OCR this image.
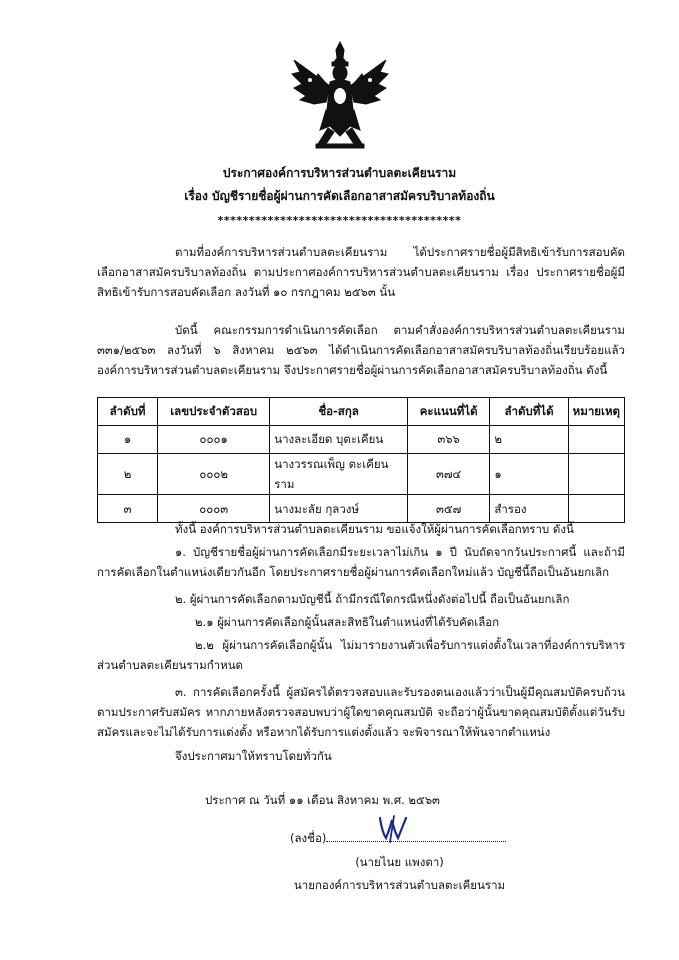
ประกาศองค์การบริหารส่วนตำบลตะเคียนราม
เรื่อง บัญชีรายชื่อผู้ผ่านการคัดเลือกอาสาสมัครบริบาลท้องถิ่น
***************************************
ตามที่องค์การบริหารส่วนตำบลตะเคียนราม ได้ประกาศรายชื่อผู้มีสิทธิเข้ารับการสอบคัดเลือกอาสาสมัครบริบาลท้องถิ่น ตามประกาศองค์การบริหารส่วนตำบลตะเคียนราม เรื่อง ประกาศรายชื่อผู้มีสิทธิเข้ารับการสอบคัดเลือก ลงวันที่ ๑๐ กรกฎาคม ๒๕๖๓ นั้น
บัดนี้ คณะกรรมการดำเนินการคัดเลือก ตามคำสั่งองค์การบริหารส่วนตำบลตะเคียนราม ๓๓๑/๒๕๖๓ ลงวันที่ ๖ สิงหาคม ๒๕๖๓ ได้ดำเนินการคัดเลือกอาสาสมัครบริบาลท้องถิ่นเรียบร้อยแล้ว องค์การบริหารส่วนตำบลตะเคียนราม จึงประกาศรายชื่อผู้ผ่านการคัดเลือกอาสาสมัครบริบาลท้องถิ่น ดังนี้
ลำดับที่	เลขประจำตัวสอบ	ชื่อ-สกุล	คะแนนที่ได้	ลำดับที่ได้	หมายเหตุ
๑	๐๐๐๑	นางละเอียด บุตะเคียน	๓๖๖	๒	
๒	๐๐๐๒	นางวรรณเพ็ญ ตะเคียนราม	๓๗๔	๑	
๓	๐๐๐๓	นางมะลัย กุลวงษ์	๓๕๗	สำรอง	
ทั้งนี้ องค์การบริหารส่วนตำบลตะเคียนราม ขอแจ้งให้ผู้ผ่านการคัดเลือกทราบ ดังนี้
๑. บัญชีรายชื่อผู้ผ่านการคัดเลือกมีระยะเวลาไม่เกิน ๑ ปี นับถัดจากวันประกาศนี้ และถ้ามีการคัดเลือกในตำแหน่งเดียวกันอีก โดยประกาศรายชื่อผู้ผ่านการคัดเลือกใหม่แล้ว บัญชีนี้ถือเป็นอันยกเลิก
๒. ผู้ผ่านการคัดเลือกตามบัญชีนี้ ถ้ามีกรณีใดกรณีหนึ่งดังต่อไปนี้ ถือเป็นอันยกเลิก
๒.๑ ผู้ผ่านการคัดเลือกผู้นั้นสละสิทธิในตำแหน่งที่ได้รับคัดเลือก
๒.๒ ผู้ผ่านการคัดเลือกผู้นั้น ไม่มารายงานตัวเพื่อรับการแต่งตั้งในเวลาที่องค์การบริหารส่วนตำบลตะเคียนรามกำหนด
๓. การคัดเลือกครั้งนี้ ผู้สมัครได้ตรวจสอบและรับรองตนเองแล้วว่าเป็นผู้มีคุณสมบัติครบถ้วนตามประกาศรับสมัคร หากภายหลังตรวจสอบพบว่าผู้ใดขาดคุณสมบัติ จะถือว่าผู้นั้นขาดคุณสมบัติตั้งแต่วันรับสมัครและจะไม่ได้รับการแต่งตั้ง หรือหากได้รับการแต่งตั้งแล้ว จะพิจารณาให้พ้นจากตำแหน่ง
จึงประกาศมาให้ทราบโดยทั่วกัน
ประกาศ ณ วันที่ ๑๑ เดือน สิงหาคม พ.ศ. ๒๕๖๓
(ลงชื่อ)
(นายไนย แพงตา)
นายกองค์การบริหารส่วนตำบลตะเคียนราม
